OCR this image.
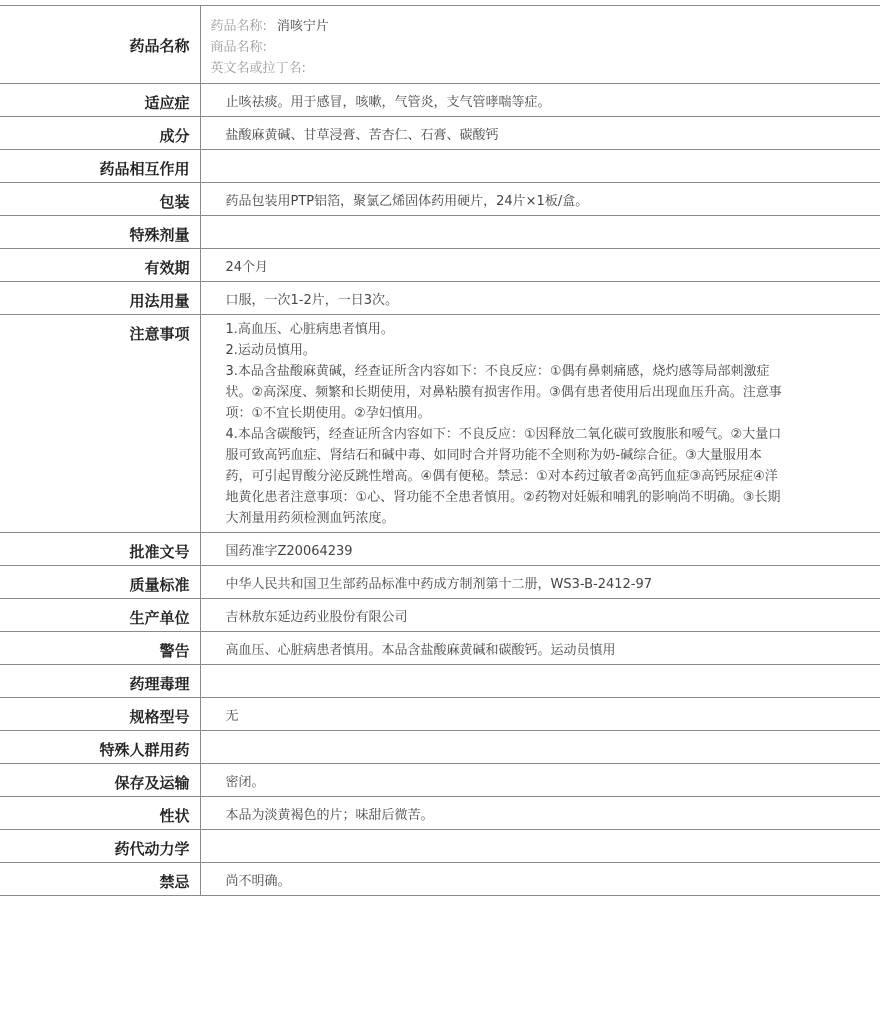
药品名称	药品名称: 消咳宁片
商品名称:
英文名或拉丁名:

适应症	止咳祛痰。用于感冒，咳嗽，气管炎，支气管哮喘等症。
成分	盐酸麻黄碱、甘草浸膏、苦杏仁、石膏、碳酸钙
药品相互作用	
包装	药品包装用PTP铝箔，聚氯乙烯固体药用硬片，24片×1板/盒。
特殊剂量	
有效期	24个月
用法用量	口服，一次1-2片，一日3次。
注意事项	1.高血压、心脏病患者慎用。
2.运动员慎用。
3.本品含盐酸麻黄碱，经查证所含内容如下：不良反应：①偶有鼻刺痛感，烧灼感等局部刺激症状。②高深度、频繁和长期使用，对鼻粘膜有损害作用。③偶有患者使用后出现血压升高。注意事项：①不宜长期使用。②孕妇慎用。
4.本品含碳酸钙，经查证所含内容如下：不良反应：①因释放二氧化碳可致腹胀和嗳气。②大量口服可致高钙血症、肾结石和碱中毒、如同时合并肾功能不全则称为奶-碱综合征。③大量服用本药，可引起胃酸分泌反跳性增高。④偶有便秘。禁忌：①对本药过敏者②高钙血症③高钙尿症④洋地黄化患者注意事项：①心、肾功能不全患者慎用。②药物对妊娠和哺乳的影响尚不明确。③长期大剂量用药须检测血钙浓度。

批准文号	国药准字Z20064239
质量标准	中华人民共和国卫生部药品标准中药成方制剂第十二册，WS3-B-2412-97
生产单位	吉林敖东延边药业股份有限公司
警告	高血压、心脏病患者慎用。本品含盐酸麻黄碱和碳酸钙。运动员慎用
药理毒理	
规格型号	无
特殊人群用药	
保存及运输	密闭。
性状	本品为淡黄褐色的片；味甜后微苦。
药代动力学	
禁忌	尚不明确。
